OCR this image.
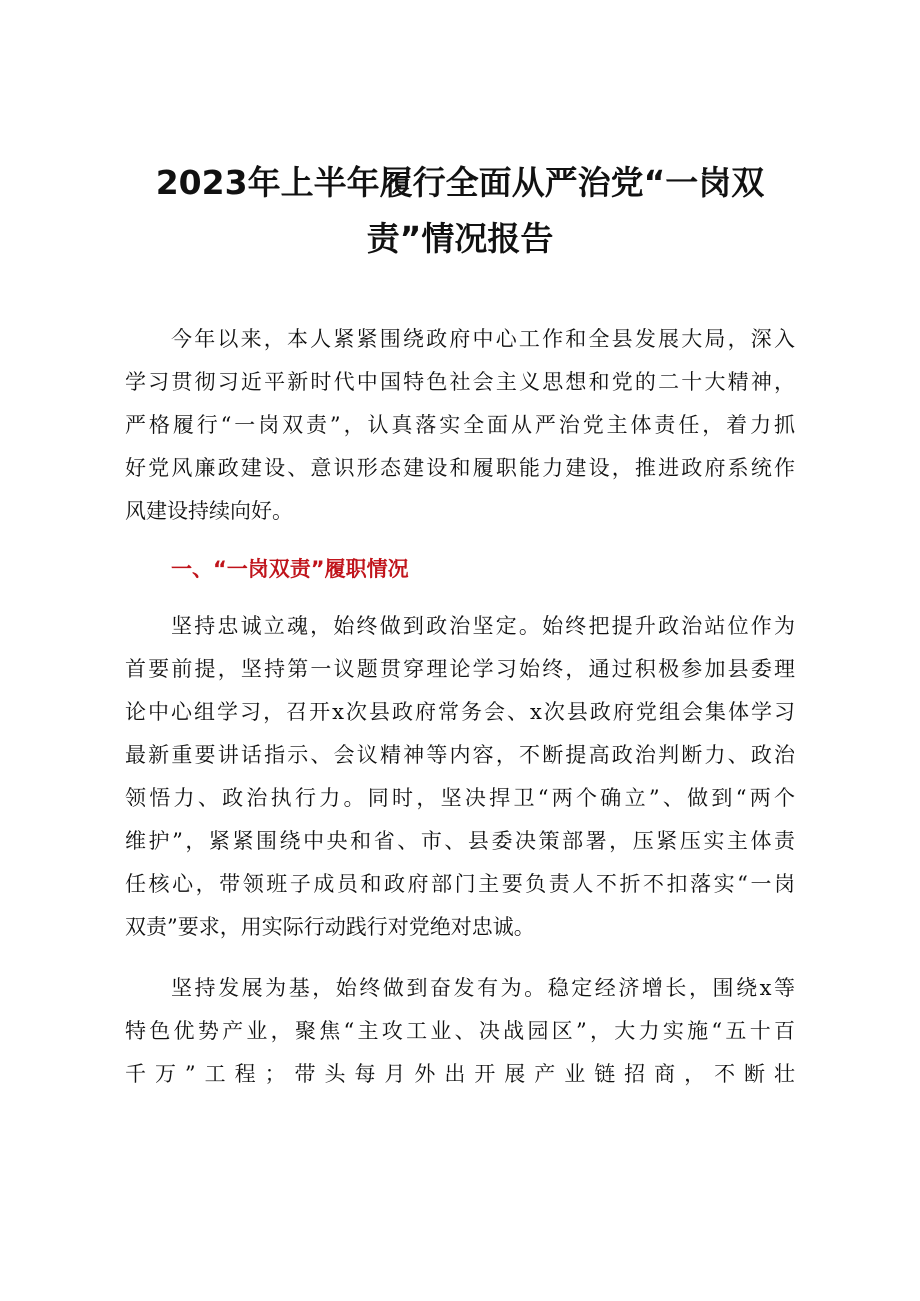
2023年上半年履行全面从严治党“一岗双
责”情况报告
今年以来，本人紧紧围绕政府中心工作和全县发展大局，深入
学习贯彻习近平新时代中国特色社会主义思想和党的二十大精神，
严格履行“一岗双责”，认真落实全面从严治党主体责任，着力抓
好党风廉政建设、意识形态建设和履职能力建设，推进政府系统作
风建设持续向好。
一、“一岗双责”履职情况
坚持忠诚立魂，始终做到政治坚定。始终把提升政治站位作为
首要前提，坚持第一议题贯穿理论学习始终，通过积极参加县委理
论中心组学习，召开x次县政府常务会、x次县政府党组会集体学习
最新重要讲话指示、会议精神等内容，不断提高政治判断力、政治
领悟力、政治执行力。同时，坚决捍卫“两个确立”、做到“两个
维护”，紧紧围绕中央和省、市、县委决策部署，压紧压实主体责
任核心，带领班子成员和政府部门主要负责人不折不扣落实“一岗
双责”要求，用实际行动践行对党绝对忠诚。
坚持发展为基，始终做到奋发有为。稳定经济增长，围绕x等
特色优势产业，聚焦“主攻工业、决战园区”，大力实施“五十百
千万”工程；带头每月外出开展产业链招商，不断壮
